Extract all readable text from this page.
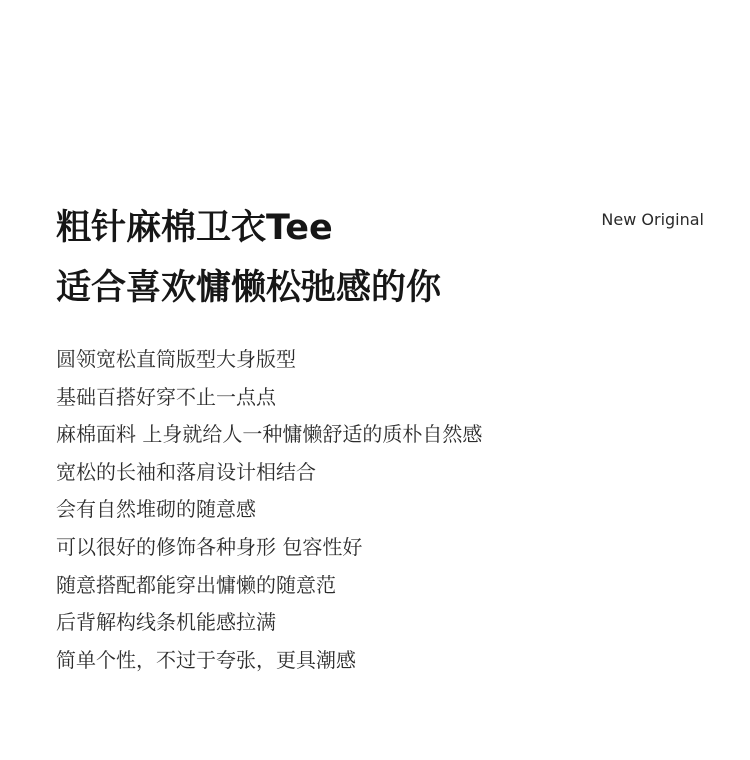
粗针麻棉卫衣Tee
适合喜欢慵懒松弛感的你
New Original
圆领宽松直筒版型大身版型
基础百搭好穿不止一点点
麻棉面料 上身就给人一种慵懒舒适的质朴自然感
宽松的长袖和落肩设计相结合
会有自然堆砌的随意感
可以很好的修饰各种身形 包容性好
随意搭配都能穿出慵懒的随意范
后背解构线条机能感拉满
简单个性，不过于夸张，更具潮感
